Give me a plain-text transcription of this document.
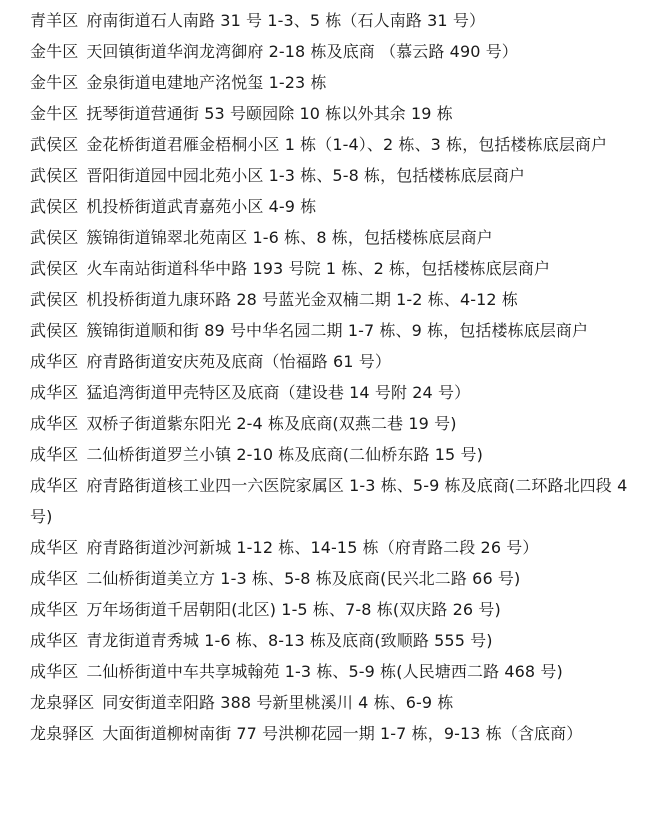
青羊区 府南街道石人南路 31 号 1-3、5 栋（石人南路 31 号）

金牛区 天回镇街道华润龙湾御府 2-18 栋及底商 （慕云路 490 号）

金牛区 金泉街道电建地产洺悦玺 1-23 栋

金牛区 抚琴街道营通街 53 号颐园除 10 栋以外其余 19 栋

武侯区 金花桥街道君雁金梧桐小区 1 栋（1-4）、2 栋、3 栋，包括楼栋底层商户

武侯区 晋阳街道园中园北苑小区 1-3 栋、5-8 栋，包括楼栋底层商户

武侯区 机投桥街道武青嘉苑小区 4-9 栋

武侯区 簇锦街道锦翠北苑南区 1-6 栋、8 栋，包括楼栋底层商户

武侯区 火车南站街道科华中路 193 号院 1 栋、2 栋，包括楼栋底层商户

武侯区 机投桥街道九康环路 28 号蓝光金双楠二期 1-2 栋、4-12 栋

武侯区 簇锦街道顺和街 89 号中华名园二期 1-7 栋、9 栋，包括楼栋底层商户

成华区 府青路街道安庆苑及底商（怡福路 61 号）

成华区 猛追湾街道甲壳特区及底商（建设巷 14 号附 24 号）

成华区 双桥子街道紫东阳光 2-4 栋及底商(双燕二巷 19 号)

成华区 二仙桥街道罗兰小镇 2-10 栋及底商(二仙桥东路 15 号)

成华区 府青路街道核工业四一六医院家属区 1-3 栋、5-9 栋及底商(二环路北四段 4 号)

成华区 府青路街道沙河新城 1-12 栋、14-15 栋（府青路二段 26 号）

成华区 二仙桥街道美立方 1-3 栋、5-8 栋及底商(民兴北二路 66 号)

成华区 万年场街道千居朝阳(北区) 1-5 栋、7-8 栋(双庆路 26 号)

成华区 青龙街道青秀城 1-6 栋、8-13 栋及底商(致顺路 555 号)

成华区 二仙桥街道中车共享城翰苑 1-3 栋、5-9 栋(人民塘西二路 468 号)

龙泉驿区 同安街道幸阳路 388 号新里桃溪川 4 栋、6-9 栋

龙泉驿区 大面街道柳树南街 77 号洪柳花园一期 1-7 栋，9-13 栋（含底商）
